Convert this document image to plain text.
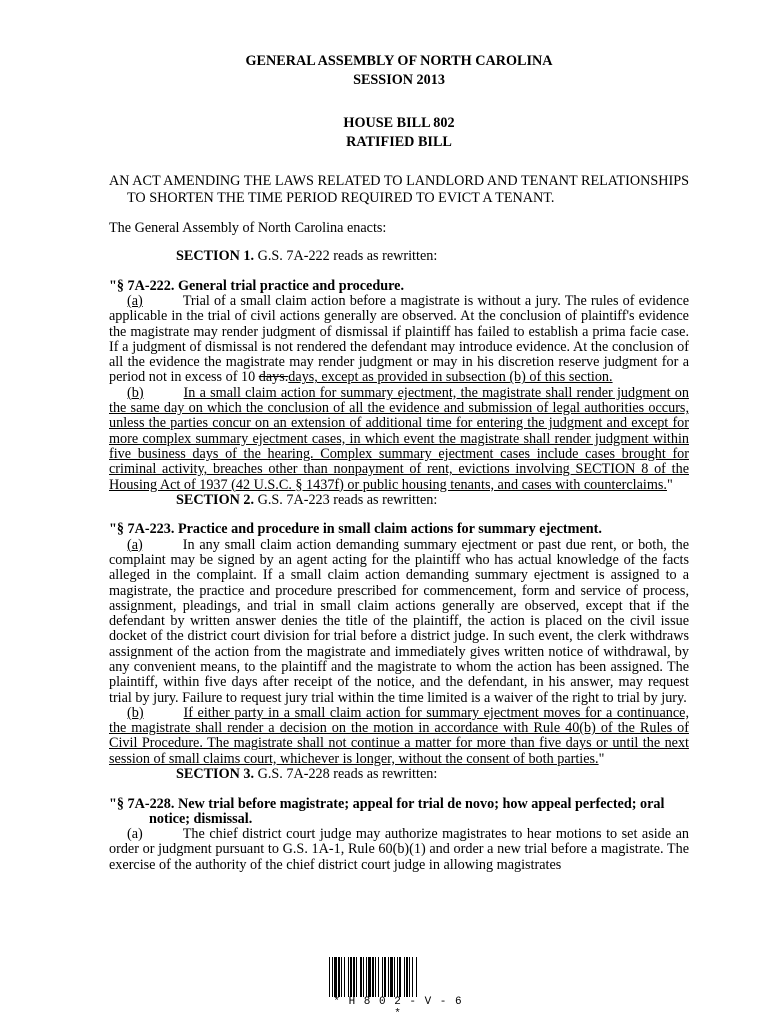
GENERAL ASSEMBLY OF NORTH CAROLINA
SESSION 2013
HOUSE BILL 802
RATIFIED BILL

AN ACT AMENDING THE LAWS RELATED TO LANDLORD AND TENANT RELATIONSHIPS TO SHORTEN THE TIME PERIOD REQUIRED TO EVICT A TENANT.

The General Assembly of North Carolina enacts:

SECTION 1. G.S. 7A-222 reads as rewritten:

"§ 7A-222. General trial practice and procedure.

(a)	Trial of a small claim action before a magistrate is without a jury. The rules of evidence applicable in the trial of civil actions generally are observed. At the conclusion of plaintiff's evidence the magistrate may render judgment of dismissal if plaintiff has failed to establish a prima facie case. If a judgment of dismissal is not rendered the defendant may introduce evidence. At the conclusion of all the evidence the magistrate may render judgment or may in his discretion reserve judgment for a period not in excess of 10 days.days, except as provided in subsection (b) of this section.

(b)	In a small claim action for summary ejectment, the magistrate shall render judgment on the same day on which the conclusion of all the evidence and submission of legal authorities occurs, unless the parties concur on an extension of additional time for entering the judgment and except for more complex summary ejectment cases, in which event the magistrate shall render judgment within five business days of the hearing. Complex summary ejectment cases include cases brought for criminal activity, breaches other than nonpayment of rent, evictions involving SECTION 8 of the Housing Act of 1937 (42 U.S.C. § 1437f) or public housing tenants, and cases with counterclaims."

SECTION 2. G.S. 7A-223 reads as rewritten:

"§ 7A-223. Practice and procedure in small claim actions for summary ejectment.

(a)	In any small claim action demanding summary ejectment or past due rent, or both, the complaint may be signed by an agent acting for the plaintiff who has actual knowledge of the facts alleged in the complaint. If a small claim action demanding summary ejectment is assigned to a magistrate, the practice and procedure prescribed for commencement, form and service of process, assignment, pleadings, and trial in small claim actions generally are observed, except that if the defendant by written answer denies the title of the plaintiff, the action is placed on the civil issue docket of the district court division for trial before a district judge. In such event, the clerk withdraws assignment of the action from the magistrate and immediately gives written notice of withdrawal, by any convenient means, to the plaintiff and the magistrate to whom the action has been assigned. The plaintiff, within five days after receipt of the notice, and the defendant, in his answer, may request trial by jury. Failure to request jury trial within the time limited is a waiver of the right to trial by jury.

(b)	If either party in a small claim action for summary ejectment moves for a continuance, the magistrate shall render a decision on the motion in accordance with Rule 40(b) of the Rules of Civil Procedure. The magistrate shall not continue a matter for more than five days or until the next session of small claims court, whichever is longer, without the consent of both parties."

SECTION 3. G.S. 7A-228 reads as rewritten:

"§ 7A-228. New trial before magistrate; appeal for trial de novo; how appeal perfected; oral notice; dismissal.

(a)	The chief district court judge may authorize magistrates to hear motions to set aside an order or judgment pursuant to G.S. 1A-1, Rule 60(b)(1) and order a new trial before a magistrate. The exercise of the authority of the chief district court judge in allowing magistrates

* H 8 0 2 - V - 6 *
